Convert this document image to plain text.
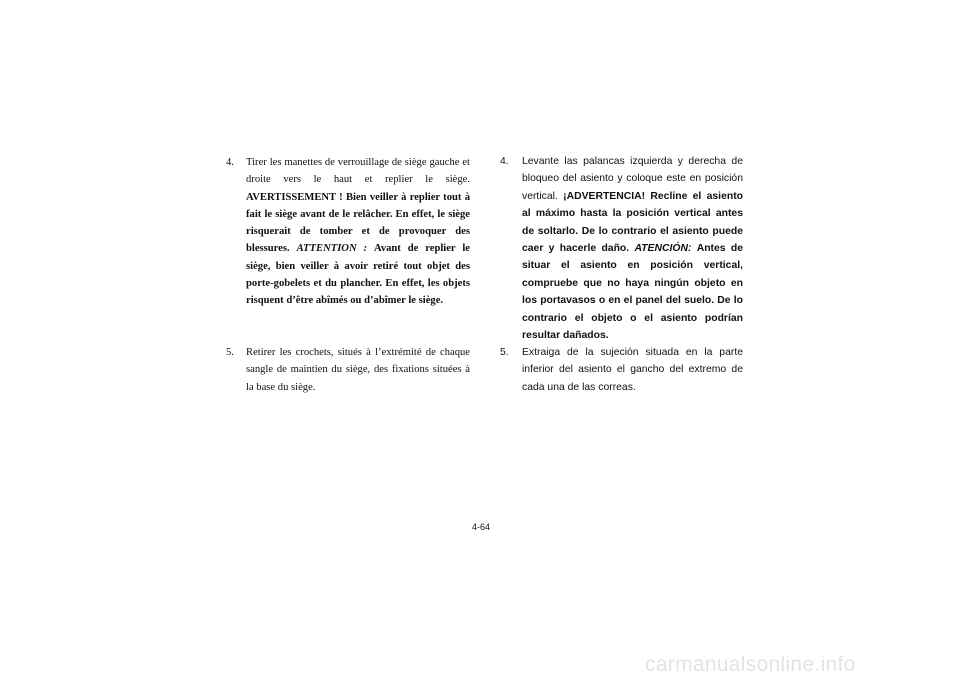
4.	Tirer les manettes de verrouillage de siège gauche et droite vers le haut et replier le siège. AVERTISSEMENT ! Bien veiller à replier tout à fait le siège avant de le relâcher. En effet, le siège risquerait de tomber et de provoquer des blessures. ATTENTION : Avant de replier le siège, bien veiller à avoir retiré tout objet des porte-gobelets et du plancher. En effet, les objets risquent d’être abîmés ou d’abîmer le siège.

5.	Retirer les crochets, situés à l’extrémité de chaque sangle de maintien du siège, des fixations situées à la base du siège.

4.	Levante las palancas izquierda y derecha de bloqueo del asiento y coloque este en posición vertical. ¡ADVERTENCIA! Recline el asiento al máximo hasta la posición vertical antes de soltarlo. De lo contrario el asiento puede caer y hacerle daño. ATENCIÓN: Antes de situar el asiento en posición vertical, compruebe que no haya ningún objeto en los portavasos o en el panel del suelo. De lo contrario el objeto o el asiento podrían resultar dañados.

5.	Extraiga de la sujeción situada en la parte inferior del asiento el gancho del extremo de cada una de las correas.

4-64
carmanualsonline.info
